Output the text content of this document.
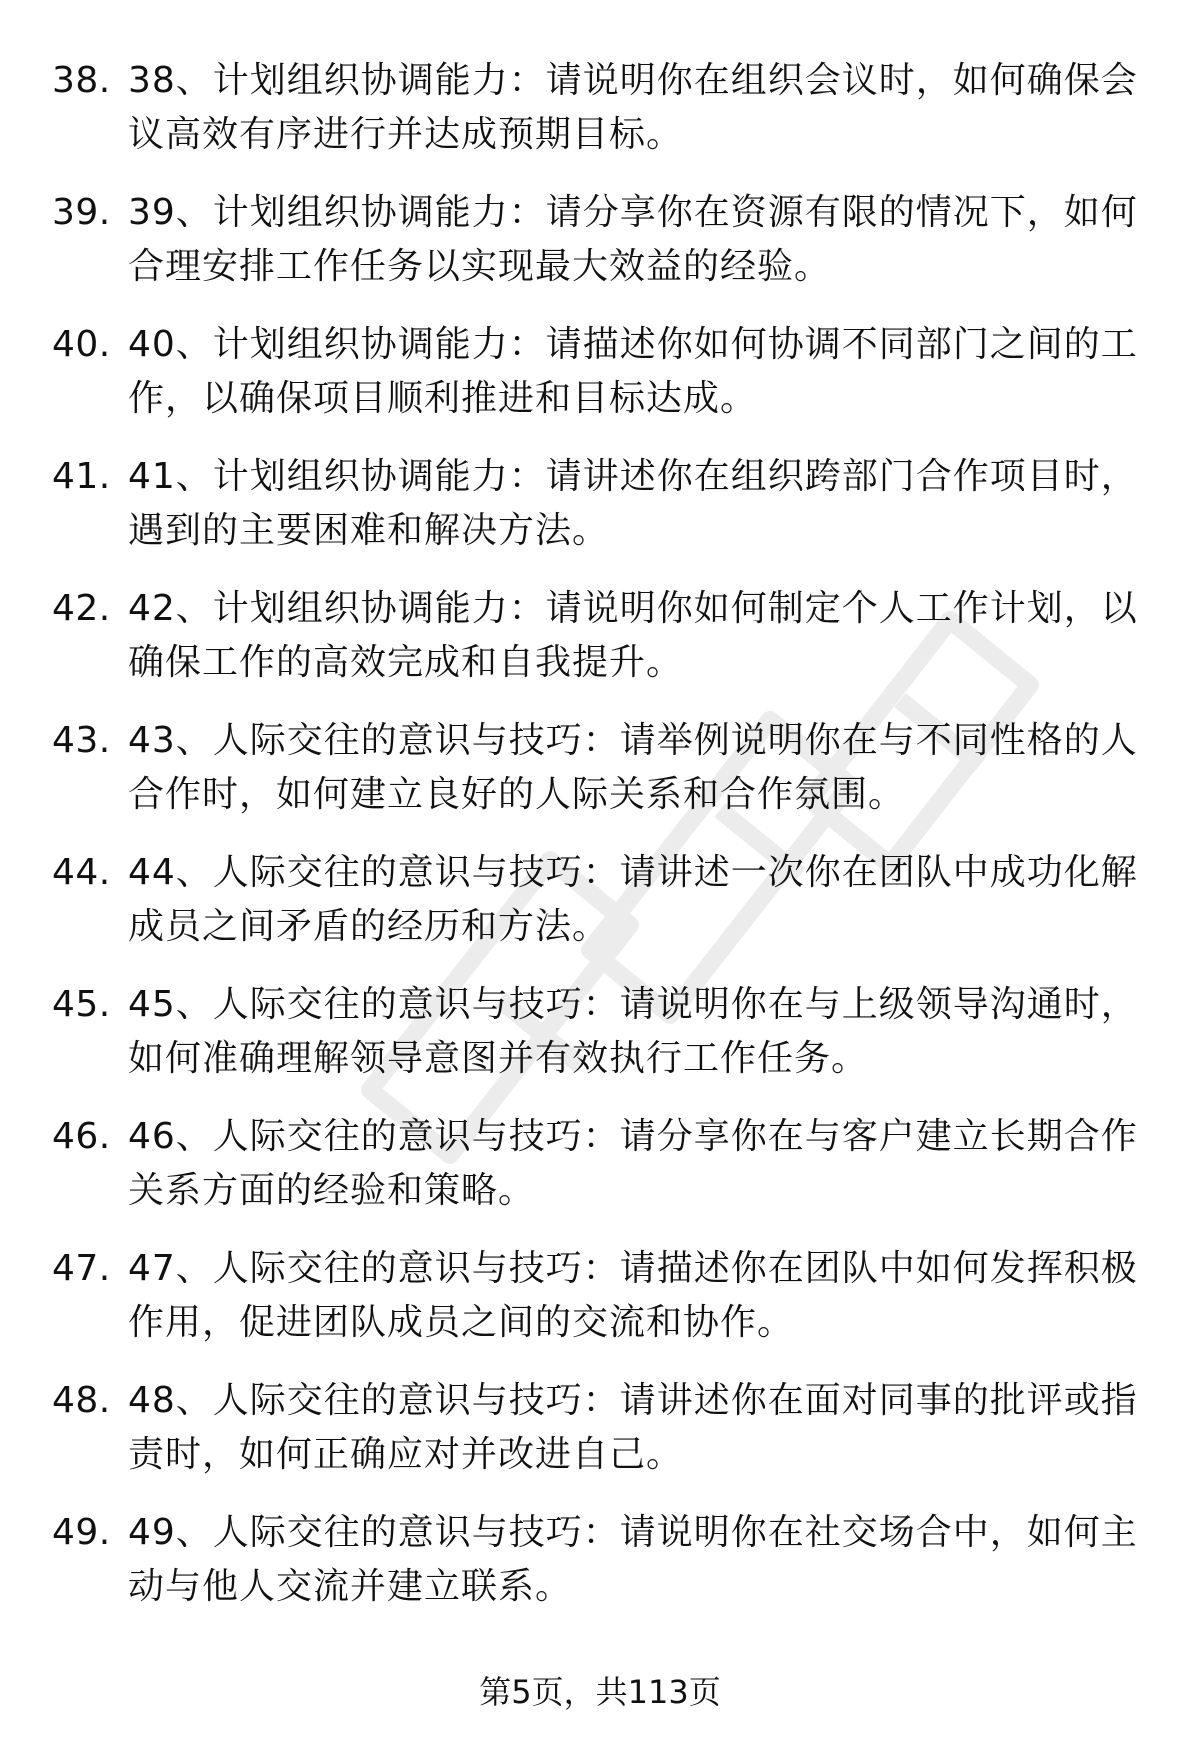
38. 38、计划组织协调能力：请说明你在组织会议时，如何确保会议高效有序进行并达成预期目标。
39. 39、计划组织协调能力：请分享你在资源有限的情况下，如何合理安排工作任务以实现最大效益的经验。
40. 40、计划组织协调能力：请描述你如何协调不同部门之间的工作，以确保项目顺利推进和目标达成。
41. 41、计划组织协调能力：请讲述你在组织跨部门合作项目时，遇到的主要困难和解决方法。
42. 42、计划组织协调能力：请说明你如何制定个人工作计划，以确保工作的高效完成和自我提升。
43. 43、人际交往的意识与技巧：请举例说明你在与不同性格的人合作时，如何建立良好的人际关系和合作氛围。
44. 44、人际交往的意识与技巧：请讲述一次你在团队中成功化解成员之间矛盾的经历和方法。
45. 45、人际交往的意识与技巧：请说明你在与上级领导沟通时，如何准确理解领导意图并有效执行工作任务。
46. 46、人际交往的意识与技巧：请分享你在与客户建立长期合作关系方面的经验和策略。
47. 47、人际交往的意识与技巧：请描述你在团队中如何发挥积极作用，促进团队成员之间的交流和协作。
48. 48、人际交往的意识与技巧：请讲述你在面对同事的批评或指责时，如何正确应对并改进自己。
49. 49、人际交往的意识与技巧：请说明你在社交场合中，如何主动与他人交流并建立联系。
第5页，共113页
